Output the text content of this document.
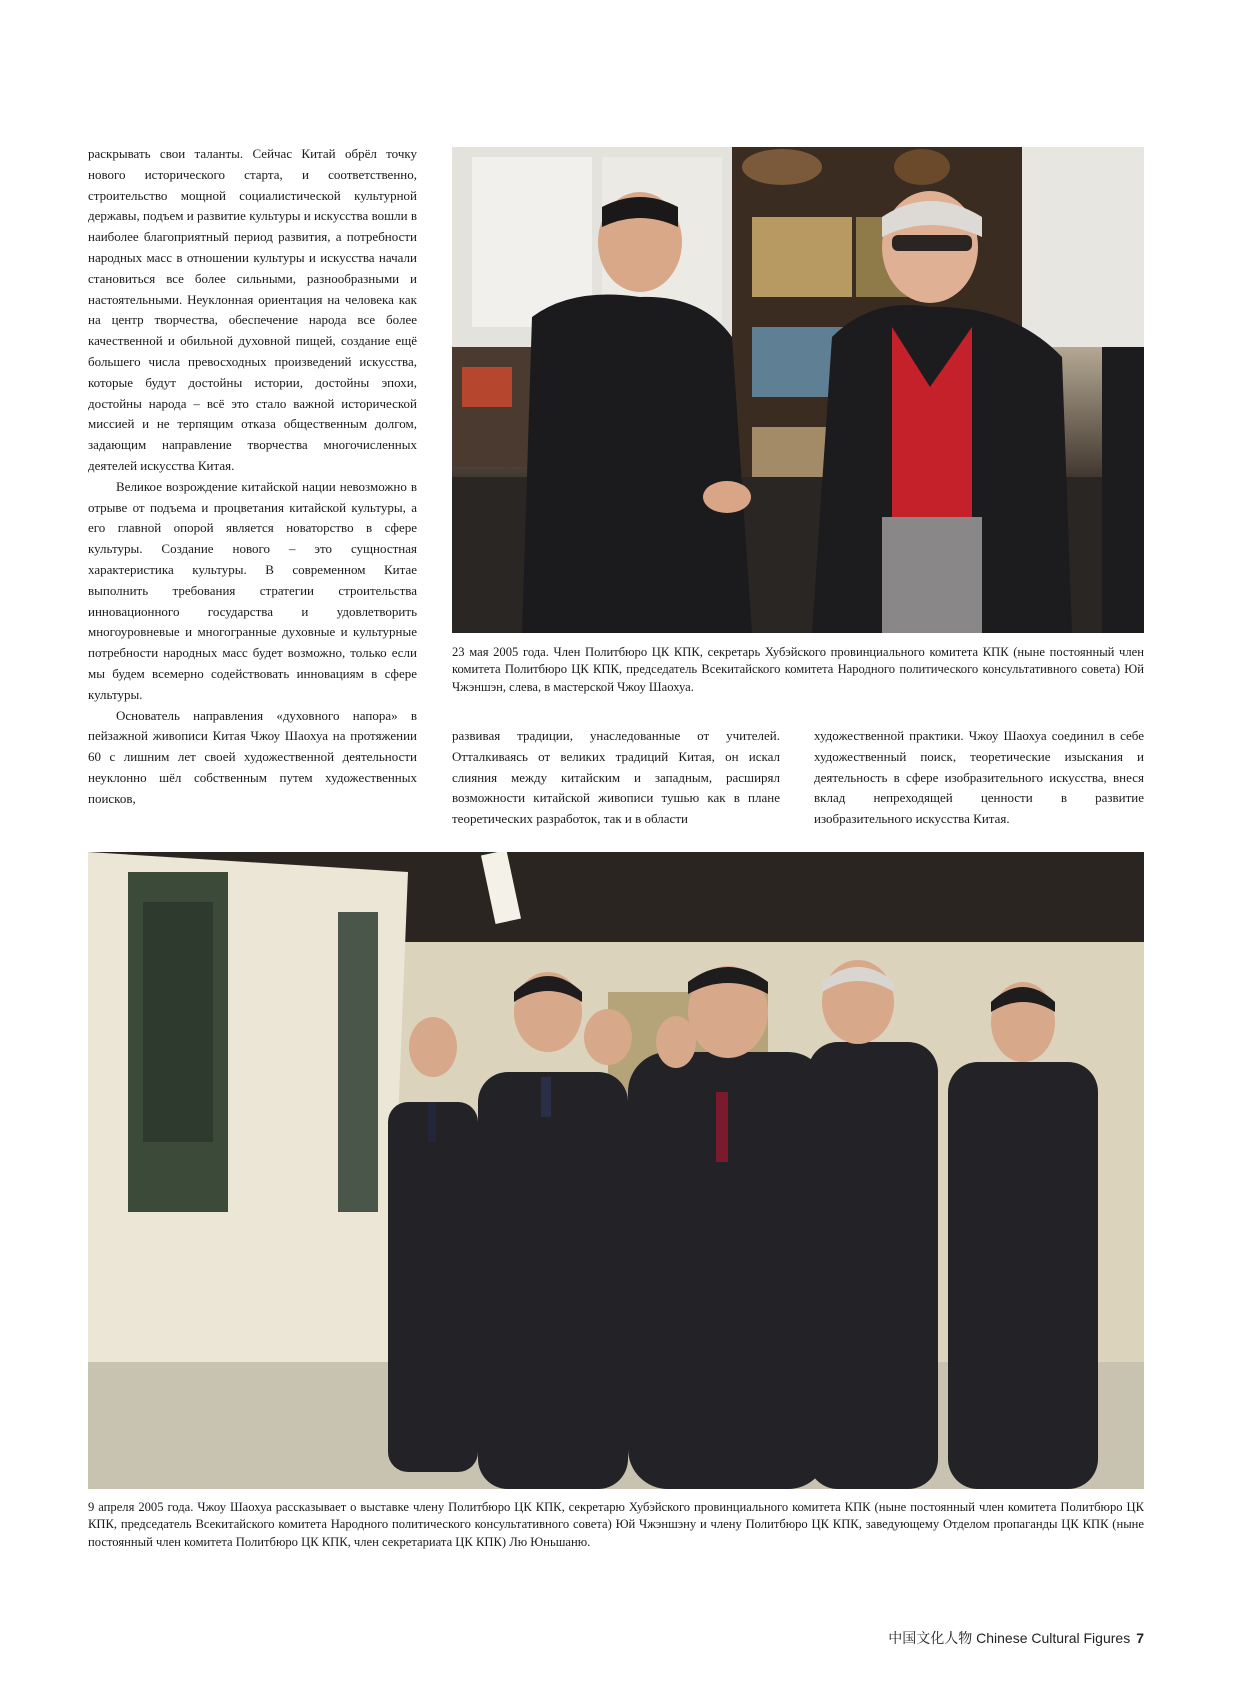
раскрывать свои таланты. Сейчас Китай обрёл точку нового исторического старта, и соответственно, строительство мощной социалистической культурной державы, подъем и развитие культуры и искусства вошли в наиболее благоприятный период развития, а потребности народных масс в отношении культуры и искусства начали становиться все более сильными, разнообразными и настоятельными. Неуклонная ориентация на человека как на центр творчества, обеспечение народа все более качественной и обильной духовной пищей, создание ещё большего числа превосходных произведений искусства, которые будут достойны истории, достойны эпохи, достойны народа – всё это стало важной исторической миссией и не терпящим отказа общественным долгом, задающим направление творчества многочисленных деятелей искусства Китая.

Великое возрождение китайской нации невозможно в отрыве от подъема и процветания китайской культуры, а его главной опорой является новаторство в сфере культуры. Создание нового – это сущностная характеристика культуры. В современном Китае выполнить требования стратегии строительства инновационного государства и удовлетворить многоуровневые и многогранные духовные и культурные потребности народных масс будет возможно, только если мы будем всемерно содействовать инновациям в сфере культуры.

Основатель направления «духовного напора» в пейзажной живописи Китая Чжоу Шаохуа на протяжении 60 с лишним лет своей художественной деятельности неуклонно шёл собственным путем художественных поисков,

23 мая 2005 года. Член Политбюро ЦК КПК, секретарь Хубэйского провинциального комитета КПК (ныне постоянный член комитета Политбюро ЦК КПК, председатель Всекитайского комитета Народного политического консультативного совета) Юй Чжэншэн, слева, в мастерской Чжоу Шаохуа.

развивая традиции, унаследованные от учителей. Отталкиваясь от великих традиций Китая, он искал слияния между китайским и западным, расширял возможности китайской живописи тушью как в плане теоретических разработок, так и в области

художественной практики. Чжоу Шаохуа соединил в себе художественный поиск, теоретические изыскания и деятельность в сфере изобразительного искусства, внеся вклад непреходящей ценности в развитие изобразительного искусства Китая.

9 апреля 2005 года. Чжоу Шаохуа рассказывает о выставке члену Политбюро ЦК КПК, секретарю Хубэйского провинциального комитета КПК (ныне постоянный член комитета Политбюро ЦК КПК, председатель Всекитайского комитета Народного политического консультативного совета) Юй Чжэншэну и члену Политбюро ЦК КПК, заведующему Отделом пропаганды ЦК КПК (ныне постоянный член комитета Политбюро ЦК КПК, член секретариата ЦК КПК) Лю Юньшаню.
中国文化人物 Chinese Cultural Figures 7
